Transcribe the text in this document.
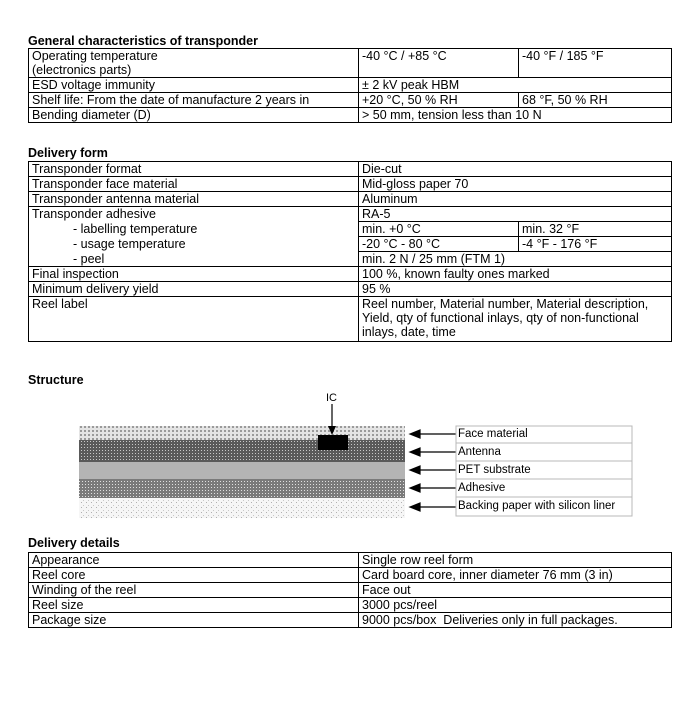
General characteristics of transponder
Operating temperature
(electronics parts)	-40 °C / +85 °C	-40 °F / 185 °F
ESD voltage immunity	± 2 kV peak HBM	
Shelf life: From the date of manufacture 2 years in	+20 °C, 50 % RH	68 °F, 50 % RH
Bending diameter (D)	> 50 mm, tension less than 10 N	
Delivery form
Transponder format	Die-cut	
Transponder face material	Mid-gloss paper 70	
Transponder antenna material	Aluminum	
Transponder adhesive	RA-5	
- labelling temperature	min. +0 °C	min. 32 °F
- usage temperature	-20 °C - 80 °C	-4 °F - 176 °F
- peel	min. 2 N / 25 mm (FTM 1)	
Final inspection	100 %, known faulty ones marked	
Minimum delivery yield	95 %	
Reel label	Reel number, Material number, Material description, Yield, qty of functional inlays, qty of non-functional inlays, date, time	
Structure
IC
Face material
Antenna
PET substrate
Adhesive
Backing paper with silicon liner
Delivery details
Appearance	Single row reel form
Reel core	Card board core, inner diameter 76 mm (3 in)
Winding of the reel	Face out
Reel size	3000 pcs/reel
Package size	9000 pcs/box  Deliveries only in full packages.
